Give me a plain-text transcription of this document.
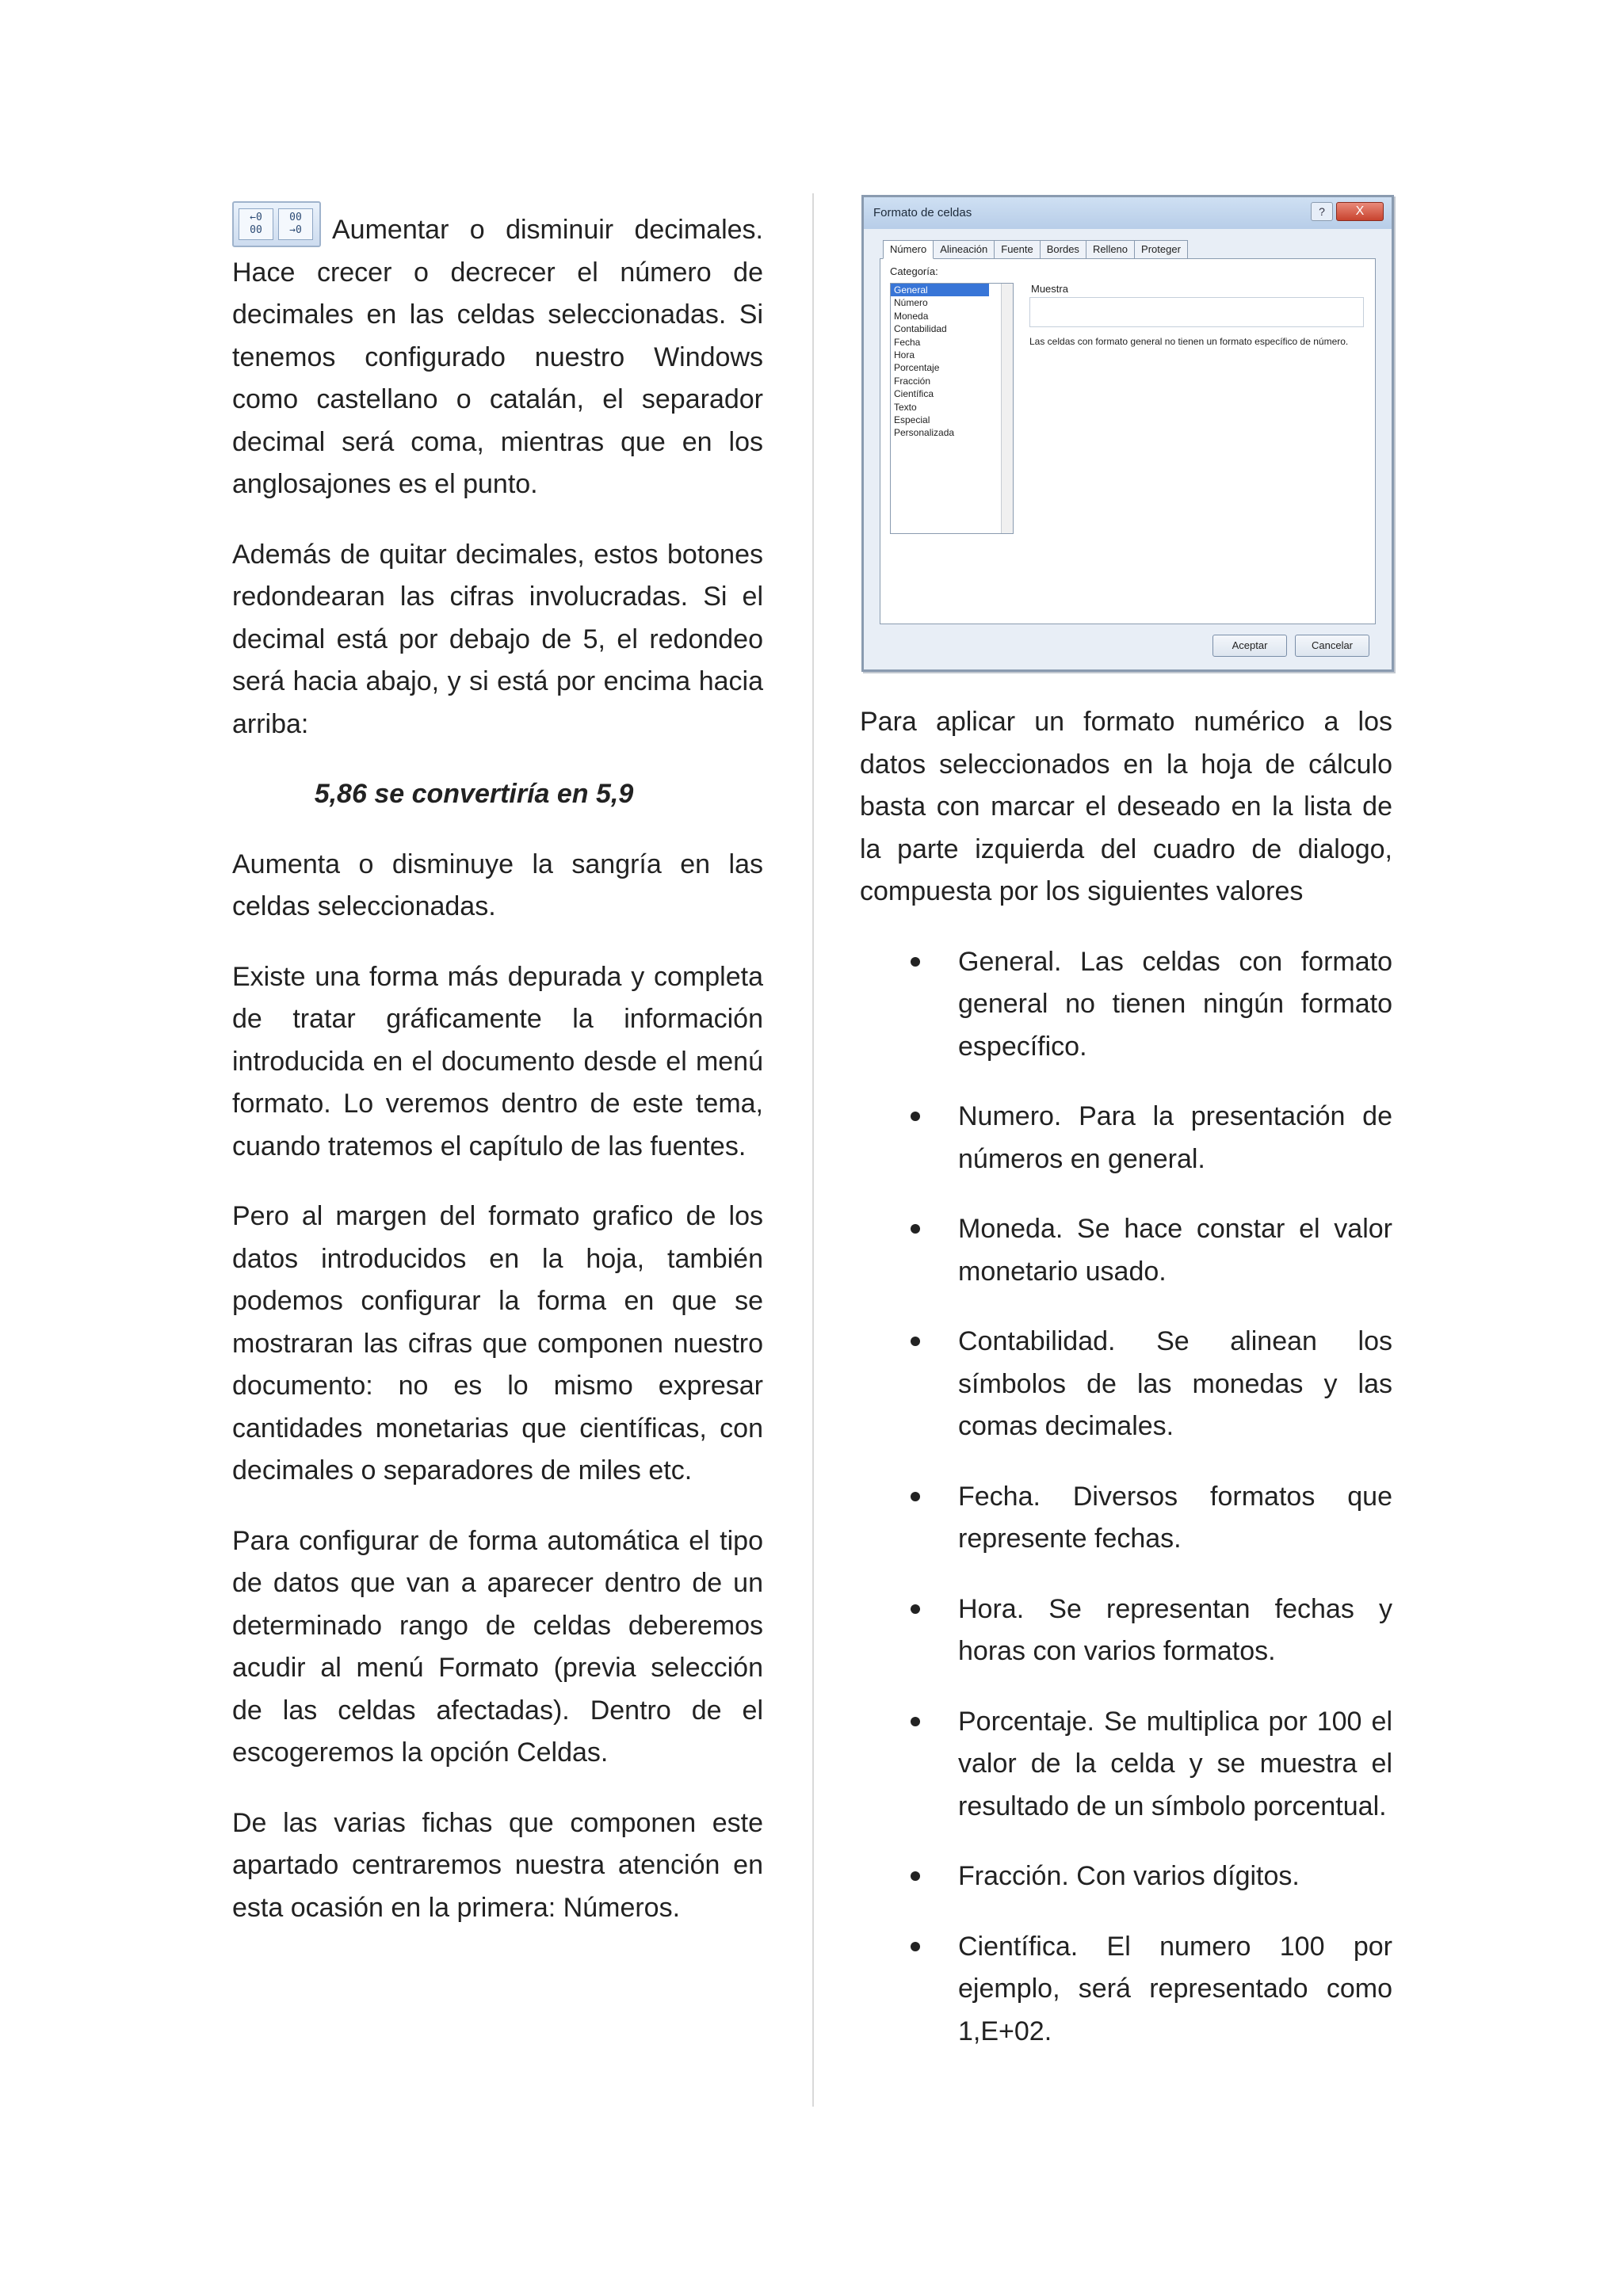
←0
00
00
→0	Aumentar o disminuir decimales. Hace crecer o decrecer el número de decimales en las celdas seleccionadas. Si tenemos configurado nuestro Windows como castellano o catalán, el separador decimal será coma, mientras que en los anglosajones es el punto.

Además de quitar decimales, estos botones redondearan las cifras involucradas. Si el decimal está por debajo de 5, el redondeo será hacia abajo, y si está por encima hacia arriba:

5,86 se convertiría en 5,9

Aumenta o disminuye la sangría en las celdas seleccionadas.

Existe una forma más depurada y completa de tratar gráficamente la información introducida en el documento desde el menú formato. Lo veremos dentro de este tema, cuando tratemos el capítulo de las fuentes.

Pero al margen del formato grafico de los datos introducidos en la hoja, también podemos configurar la forma en que se mostraran las cifras que componen nuestro documento: no es lo mismo expresar cantidades monetarias que científicas, con decimales o separadores de miles etc.

Para configurar de forma automática el tipo de datos que van a aparecer dentro de un determinado rango de celdas deberemos acudir al menú Formato (previa selección de las celdas afectadas). Dentro de el escogeremos la opción Celdas.

De las varias fichas que componen este apartado centraremos nuestra atención en esta ocasión en la primera: Números.

Formato de celdas	?	X
Número	Alineación	Fuente	Bordes	Relleno	Proteger
Categoría:
General
Número
Moneda
Contabilidad
Fecha
Hora
Porcentaje
Fracción
Científica
Texto
Especial
Personalizada
Muestra
Las celdas con formato general no tienen un formato específico de número.
Aceptar	Cancelar

Para aplicar un formato numérico a los datos seleccionados en la hoja de cálculo basta con marcar el deseado en la lista de la parte izquierda del cuadro de dialogo, compuesta por los siguientes valores

General. Las celdas con formato general no tienen ningún formato específico.
Numero. Para la presentación de números en general.
Moneda. Se hace constar el valor monetario usado.
Contabilidad. Se alinean los símbolos de las monedas y las comas decimales.
Fecha. Diversos formatos que represente fechas.
Hora. Se representan fechas y horas con varios formatos.
Porcentaje. Se multiplica por 100 el valor de la celda y se muestra el resultado de un símbolo porcentual.
Fracción. Con varios dígitos.
Científica. El numero 100 por ejemplo, será representado como 1,E+02.
